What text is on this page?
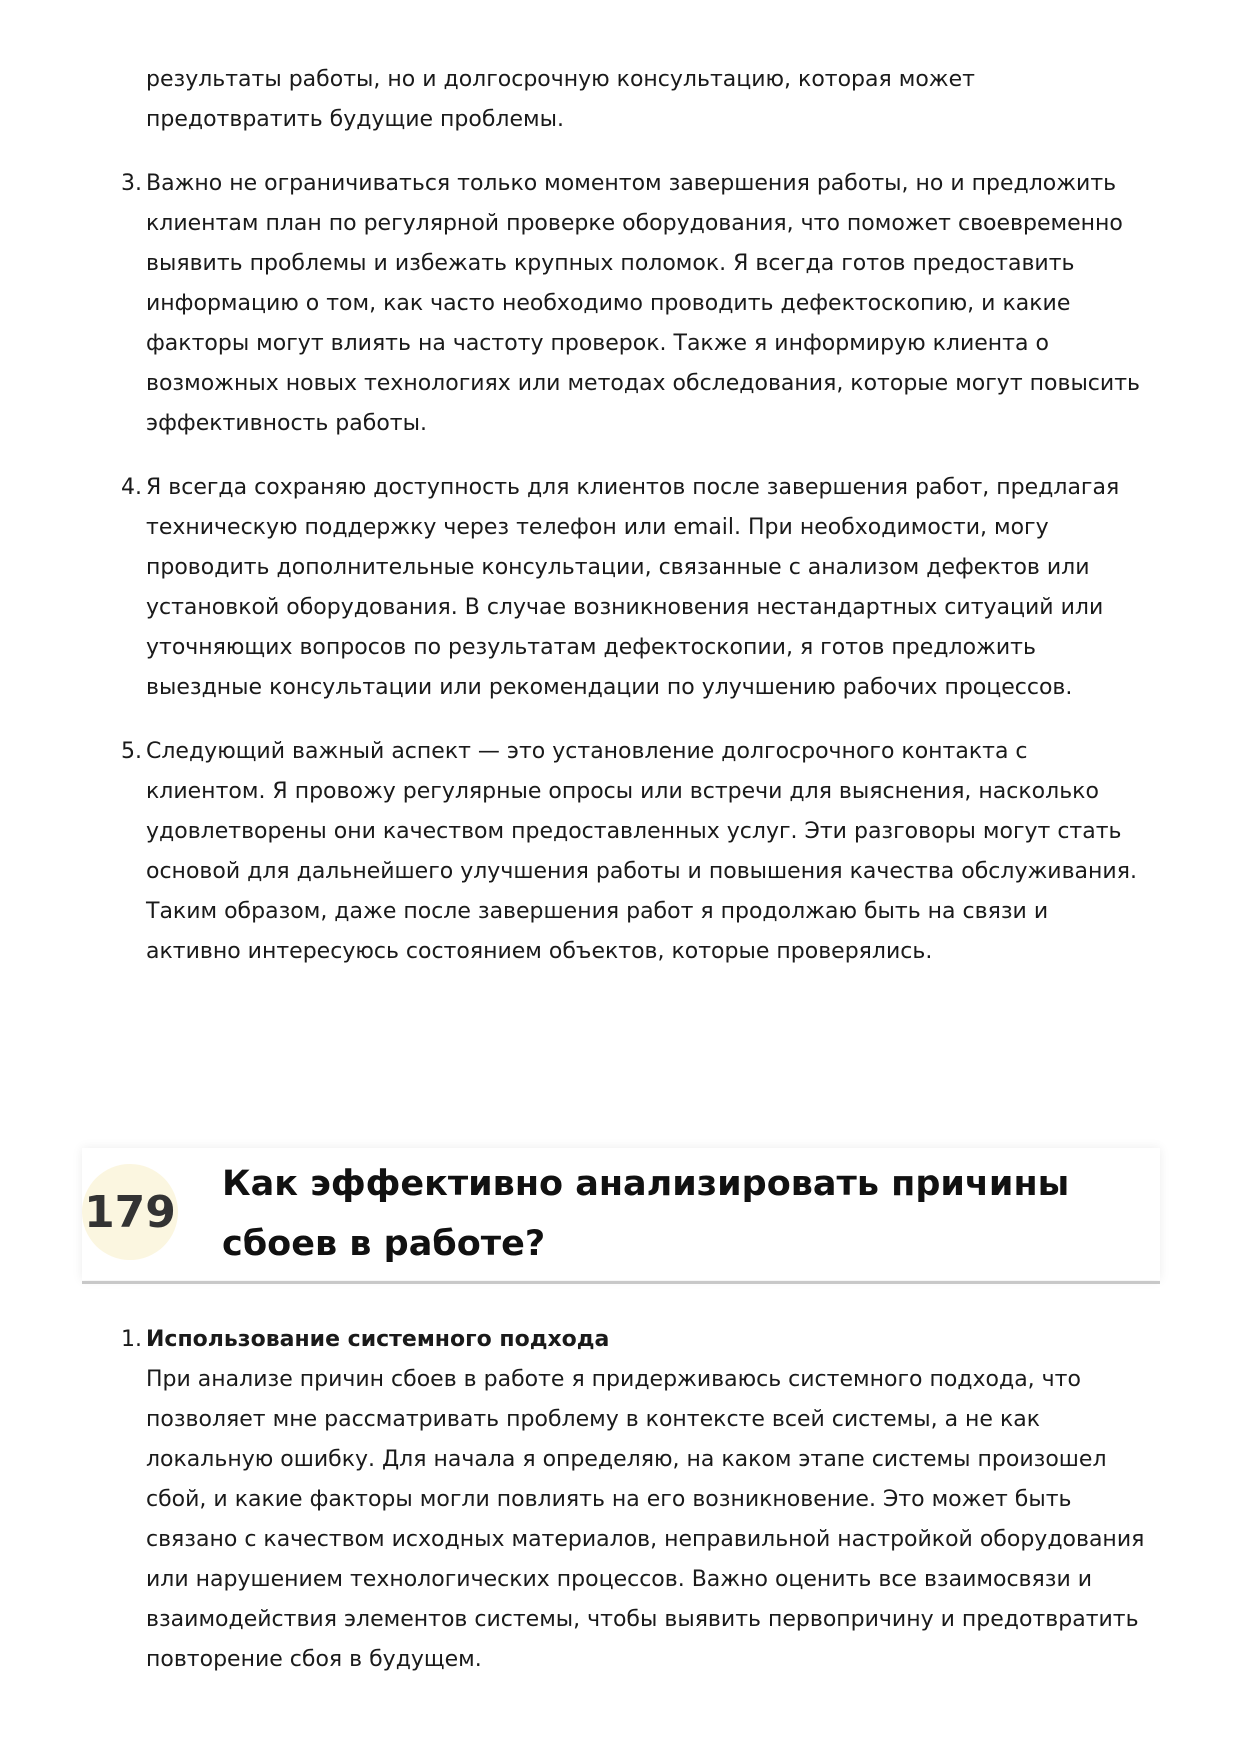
результаты работы, но и долгосрочную консультацию, которая может предотвратить будущие проблемы.
3. Важно не ограничиваться только моментом завершения работы, но и предложить клиентам план по регулярной проверке оборудования, что поможет своевременно выявить проблемы и избежать крупных поломок. Я всегда готов предоставить информацию о том, как часто необходимо проводить дефектоскопию, и какие факторы могут влиять на частоту проверок. Также я информирую клиента о возможных новых технологиях или методах обследования, которые могут повысить эффективность работы.
4. Я всегда сохраняю доступность для клиентов после завершения работ, предлагая техническую поддержку через телефон или email. При необходимости, могу проводить дополнительные консультации, связанные с анализом дефектов или установкой оборудования. В случае возникновения нестандартных ситуаций или уточняющих вопросов по результатам дефектоскопии, я готов предложить выездные консультации или рекомендации по улучшению рабочих процессов.
5. Следующий важный аспект — это установление долгосрочного контакта с клиентом. Я провожу регулярные опросы или встречи для выяснения, насколько удовлетворены они качеством предоставленных услуг. Эти разговоры могут стать основой для дальнейшего улучшения работы и повышения качества обслуживания. Таким образом, даже после завершения работ я продолжаю быть на связи и активно интересуюсь состоянием объектов, которые проверялись.
179
Как эффективно анализировать причины сбоев в работе?
1. Использование системного подхода
При анализе причин сбоев в работе я придерживаюсь системного подхода, что позволяет мне рассматривать проблему в контексте всей системы, а не как локальную ошибку. Для начала я определяю, на каком этапе системы произошел сбой, и какие факторы могли повлиять на его возникновение. Это может быть связано с качеством исходных материалов, неправильной настройкой оборудования или нарушением технологических процессов. Важно оценить все взаимосвязи и взаимодействия элементов системы, чтобы выявить первопричину и предотвратить повторение сбоя в будущем.
